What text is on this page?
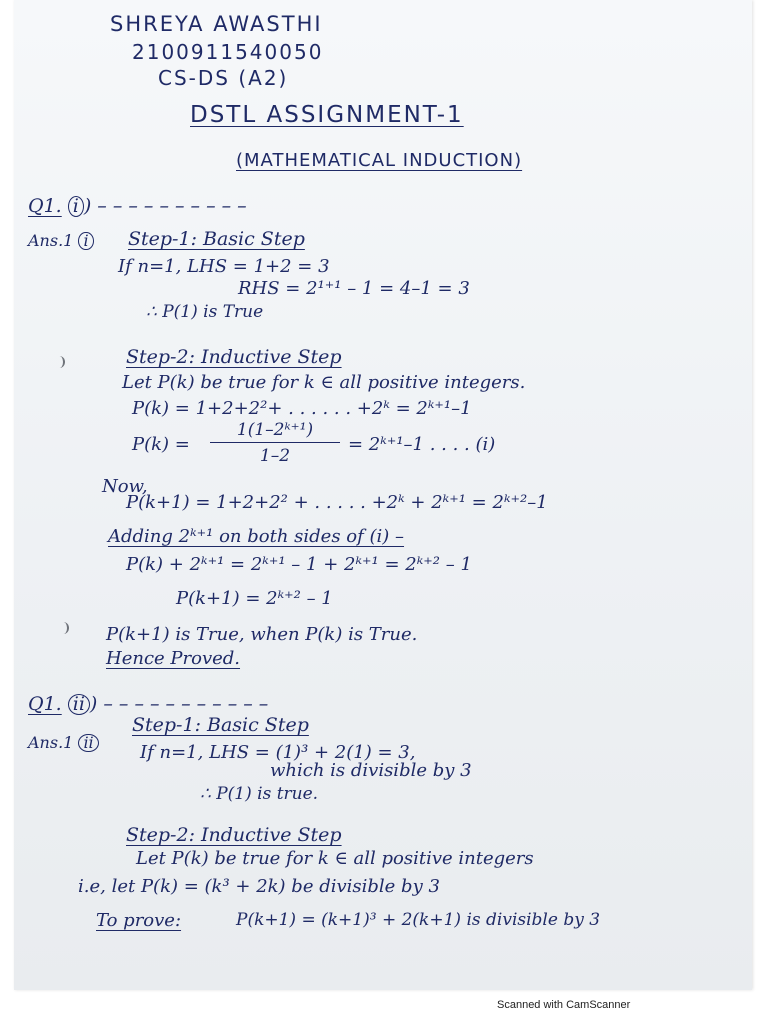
SHREYA AWASTHI
2100911540050
CS-DS (A2)
DSTL ASSIGNMENT-1
(MATHEMATICAL INDUCTION)
Q1. i ) – – – – – – – – – –
Ans.1 i Step-1: Basic Step
If n=1, LHS = 1+2 = 3
RHS = 2¹⁺¹ – 1 = 4–1 = 3
∴ P(1) is True
Step-2: Inductive Step
Let P(k) be true for k ∈ all positive integers.
P(k) = 1+2+2²+ . . . . . . +2ᵏ = 2ᵏ⁺¹–1
$P(k) = \frac{\text{1(1–2ᵏ⁺¹)}}{1-2}$ = 2ᵏ⁺¹–1 . . . . (i)
Now,
P(k+1) = 1+2+2² + . . . . . +2ᵏ + 2ᵏ⁺¹ = 2ᵏ⁺²–1
Adding 2ᵏ⁺¹ on both sides of (i) –
P(k) + 2ᵏ⁺¹ = 2ᵏ⁺¹ – 1 + 2ᵏ⁺¹ = 2ᵏ⁺² – 1
P(k+1) = 2ᵏ⁺² – 1
P(k+1) is True, when P(k) is True.
Hence Proved.
Q1. ii ) – – – – – – – – – – –
Ans.1 ii
Step-1: Basic Step
If n=1, LHS = (1)³ + 2(1) = 3,
which is divisible by 3
∴ P(1) is true.
Step-2: Inductive Step
Let P(k) be true for k ∈ all positive integers
i.e, let P(k) = (k³ + 2k) be divisible by 3
To prove:	P(k+1) = (k+1)³ + 2(k+1) is divisible by 3
Scanned with CamScanner
